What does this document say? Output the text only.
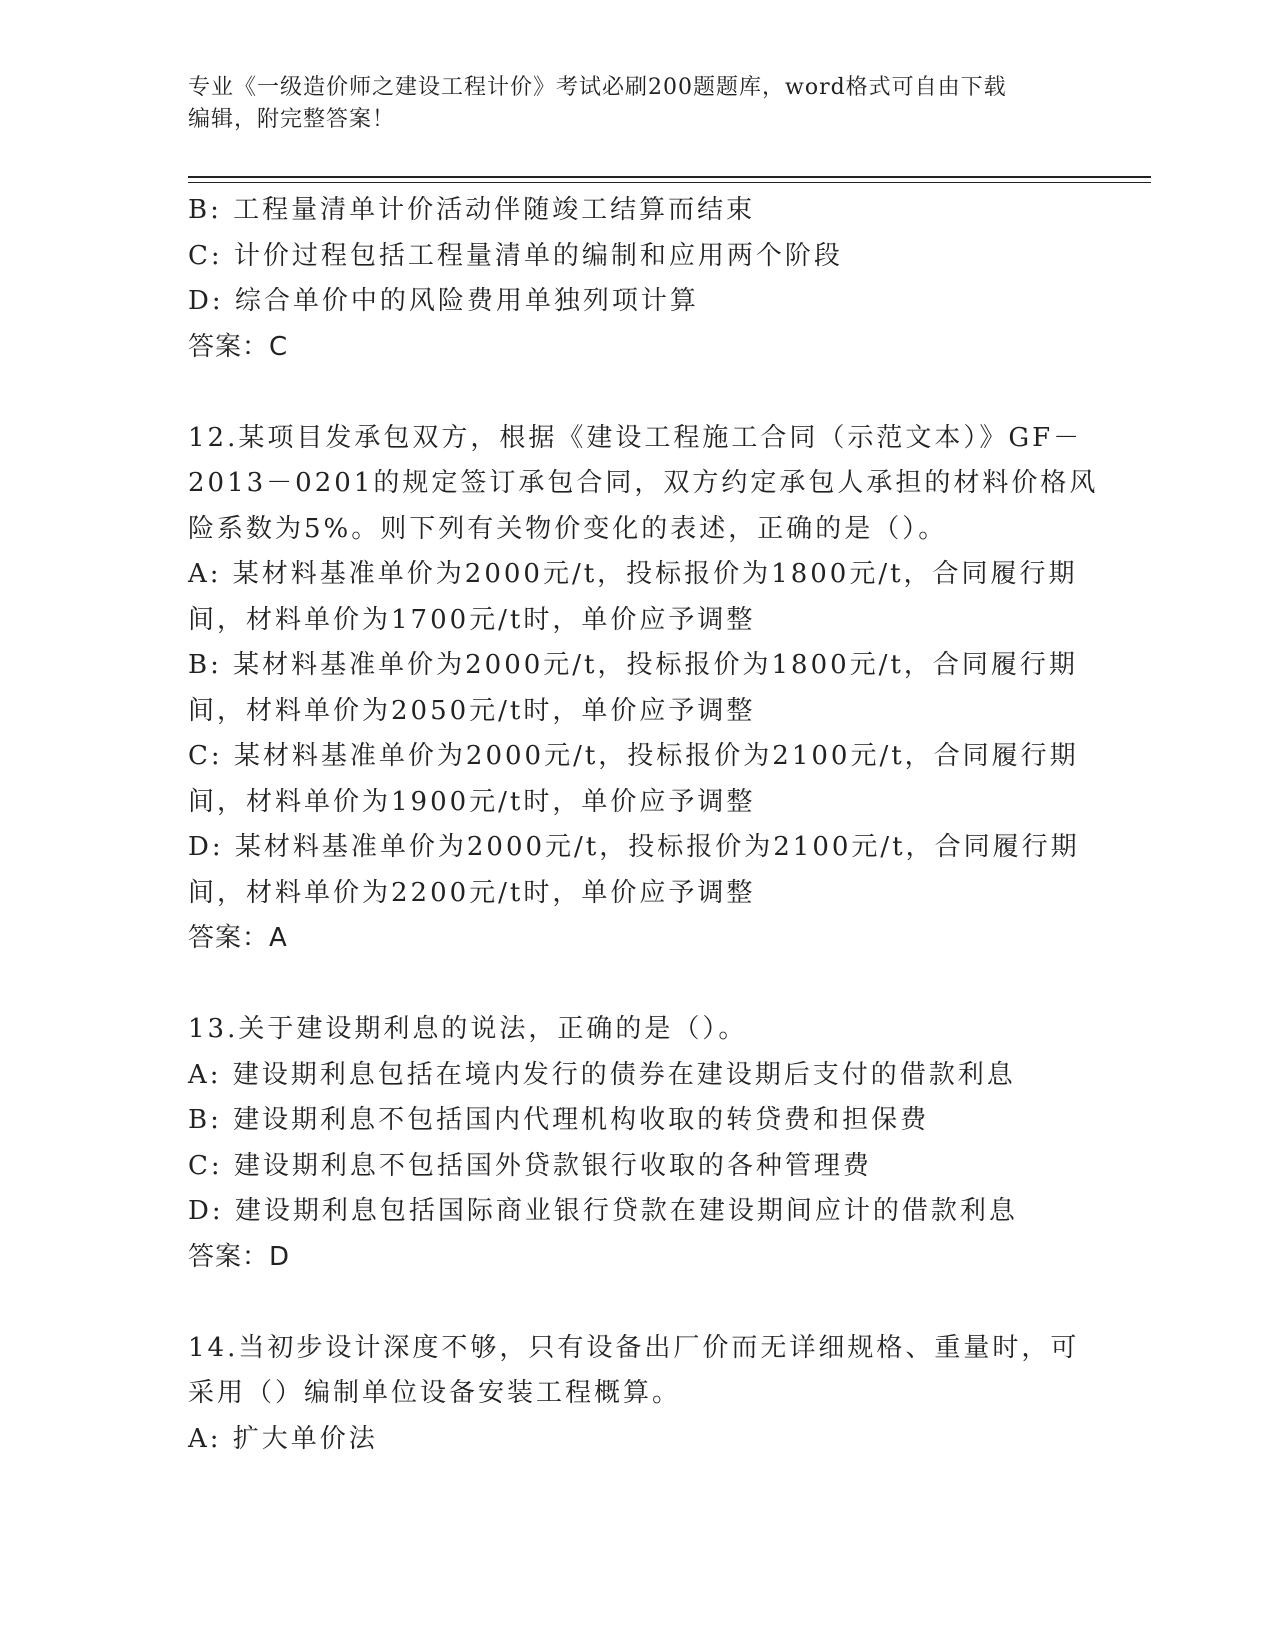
专业《一级造价师之建设工程计价》考试必刷200题题库，word格式可自由下载
编辑，附完整答案！
B: 工程量清单计价活动伴随竣工结算而结束
C: 计价过程包括工程量清单的编制和应用两个阶段
D: 综合单价中的风险费用单独列项计算
答案：C
12.某项目发承包双方，根据《建设工程施工合同（示范文本）》GF－
2013－0201的规定签订承包合同，双方约定承包人承担的材料价格风
险系数为5%。则下列有关物价变化的表述，正确的是（）。
A: 某材料基准单价为2000元/t，投标报价为1800元/t，合同履行期
间，材料单价为1700元/t时，单价应予调整
B: 某材料基准单价为2000元/t，投标报价为1800元/t，合同履行期
间，材料单价为2050元/t时，单价应予调整
C: 某材料基准单价为2000元/t，投标报价为2100元/t，合同履行期
间，材料单价为1900元/t时，单价应予调整
D: 某材料基准单价为2000元/t，投标报价为2100元/t，合同履行期
间，材料单价为2200元/t时，单价应予调整
答案：A
13.关于建设期利息的说法，正确的是（）。
A: 建设期利息包括在境内发行的债券在建设期后支付的借款利息
B: 建设期利息不包括国内代理机构收取的转贷费和担保费
C: 建设期利息不包括国外贷款银行收取的各种管理费
D: 建设期利息包括国际商业银行贷款在建设期间应计的借款利息
答案：D
14.当初步设计深度不够，只有设备出厂价而无详细规格、重量时，可
采用（）编制单位设备安装工程概算。
A: 扩大单价法
